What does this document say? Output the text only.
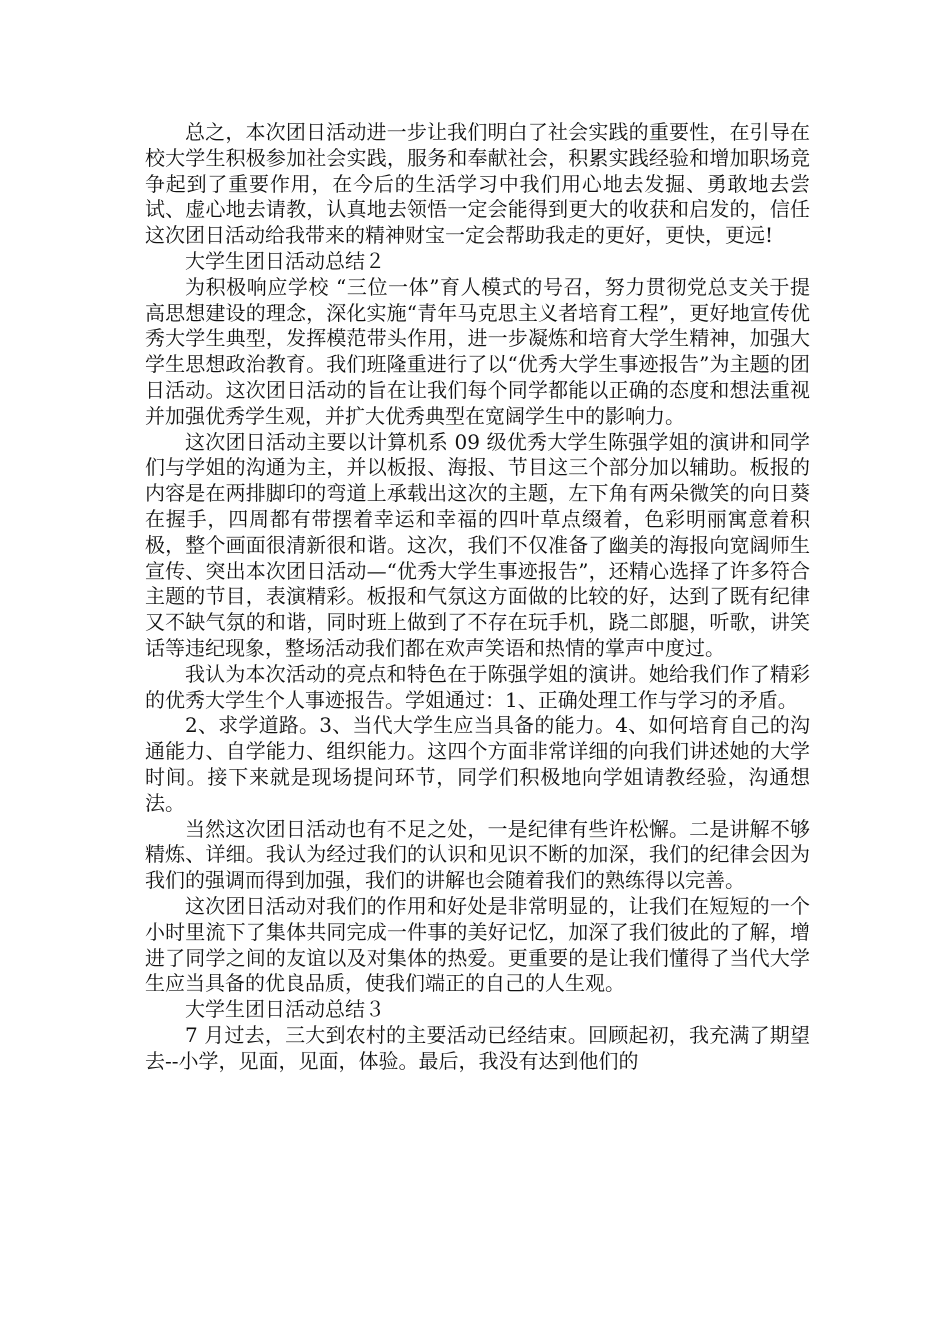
总之，本次团日活动进一步让我们明白了社会实践的重要性，在引导在校大学生积极参加社会实践，服务和奉献社会，积累实践经验和增加职场竞争起到了重要作用，在今后的生活学习中我们用心地去发掘、勇敢地去尝试、虚心地去请教，认真地去领悟一定会能得到更大的收获和启发的，信任这次团日活动给我带来的精神财宝一定会帮助我走的更好，更快，更远!

大学生团日活动总结２

为积极响应学校 “三位一体”育人模式的号召，努力贯彻党总支关于提高思想建设的理念，深化实施“青年马克思主义者培育工程”，更好地宣传优秀大学生典型，发挥模范带头作用，进一步凝炼和培育大学生精神，加强大学生思想政治教育。我们班隆重进行了以“优秀大学生事迹报告”为主题的团日活动。这次团日活动的旨在让我们每个同学都能以正确的态度和想法重视并加强优秀学生观，并扩大优秀典型在宽阔学生中的影响力。

这次团日活动主要以计算机系 09 级优秀大学生陈强学姐的演讲和同学们与学姐的沟通为主，并以板报、海报、节目这三个部分加以辅助。板报的内容是在两排脚印的弯道上承载出这次的主题，左下角有两朵微笑的向日葵在握手，四周都有带摆着幸运和幸福的四叶草点缀着，色彩明丽寓意着积极，整个画面很清新很和谐。这次，我们不仅准备了幽美的海报向宽阔师生宣传、突出本次团日活动—“优秀大学生事迹报告”，还精心选择了许多符合主题的节目，表演精彩。板报和气氛这方面做的比较的好，达到了既有纪律又不缺气氛的和谐，同时班上做到了不存在玩手机，跷二郎腿，听歌，讲笑话等违纪现象，整场活动我们都在欢声笑语和热情的掌声中度过。

我认为本次活动的亮点和特色在于陈强学姐的演讲。她给我们作了精彩的优秀大学生个人事迹报告。学姐通过：1、正确处理工作与学习的矛盾。

2、求学道路。3、当代大学生应当具备的能力。4、如何培育自己的沟通能力、自学能力、组织能力。这四个方面非常详细的向我们讲述她的大学时间。接下来就是现场提问环节，同学们积极地向学姐请教经验，沟通想法。

当然这次团日活动也有不足之处，一是纪律有些许松懈。二是讲解不够精炼、详细。我认为经过我们的认识和见识不断的加深，我们的纪律会因为我们的强调而得到加强，我们的讲解也会随着我们的熟练得以完善。

这次团日活动对我们的作用和好处是非常明显的，让我们在短短的一个小时里流下了集体共同完成一件事的美好记忆，加深了我们彼此的了解，增进了同学之间的友谊以及对集体的热爱。更重要的是让我们懂得了当代大学生应当具备的优良品质，使我们端正的自己的人生观。

大学生团日活动总结３

7 月过去，三大到农村的主要活动已经结束。回顾起初，我充满了期望去--小学，见面，见面，体验。最后，我没有达到他们的
